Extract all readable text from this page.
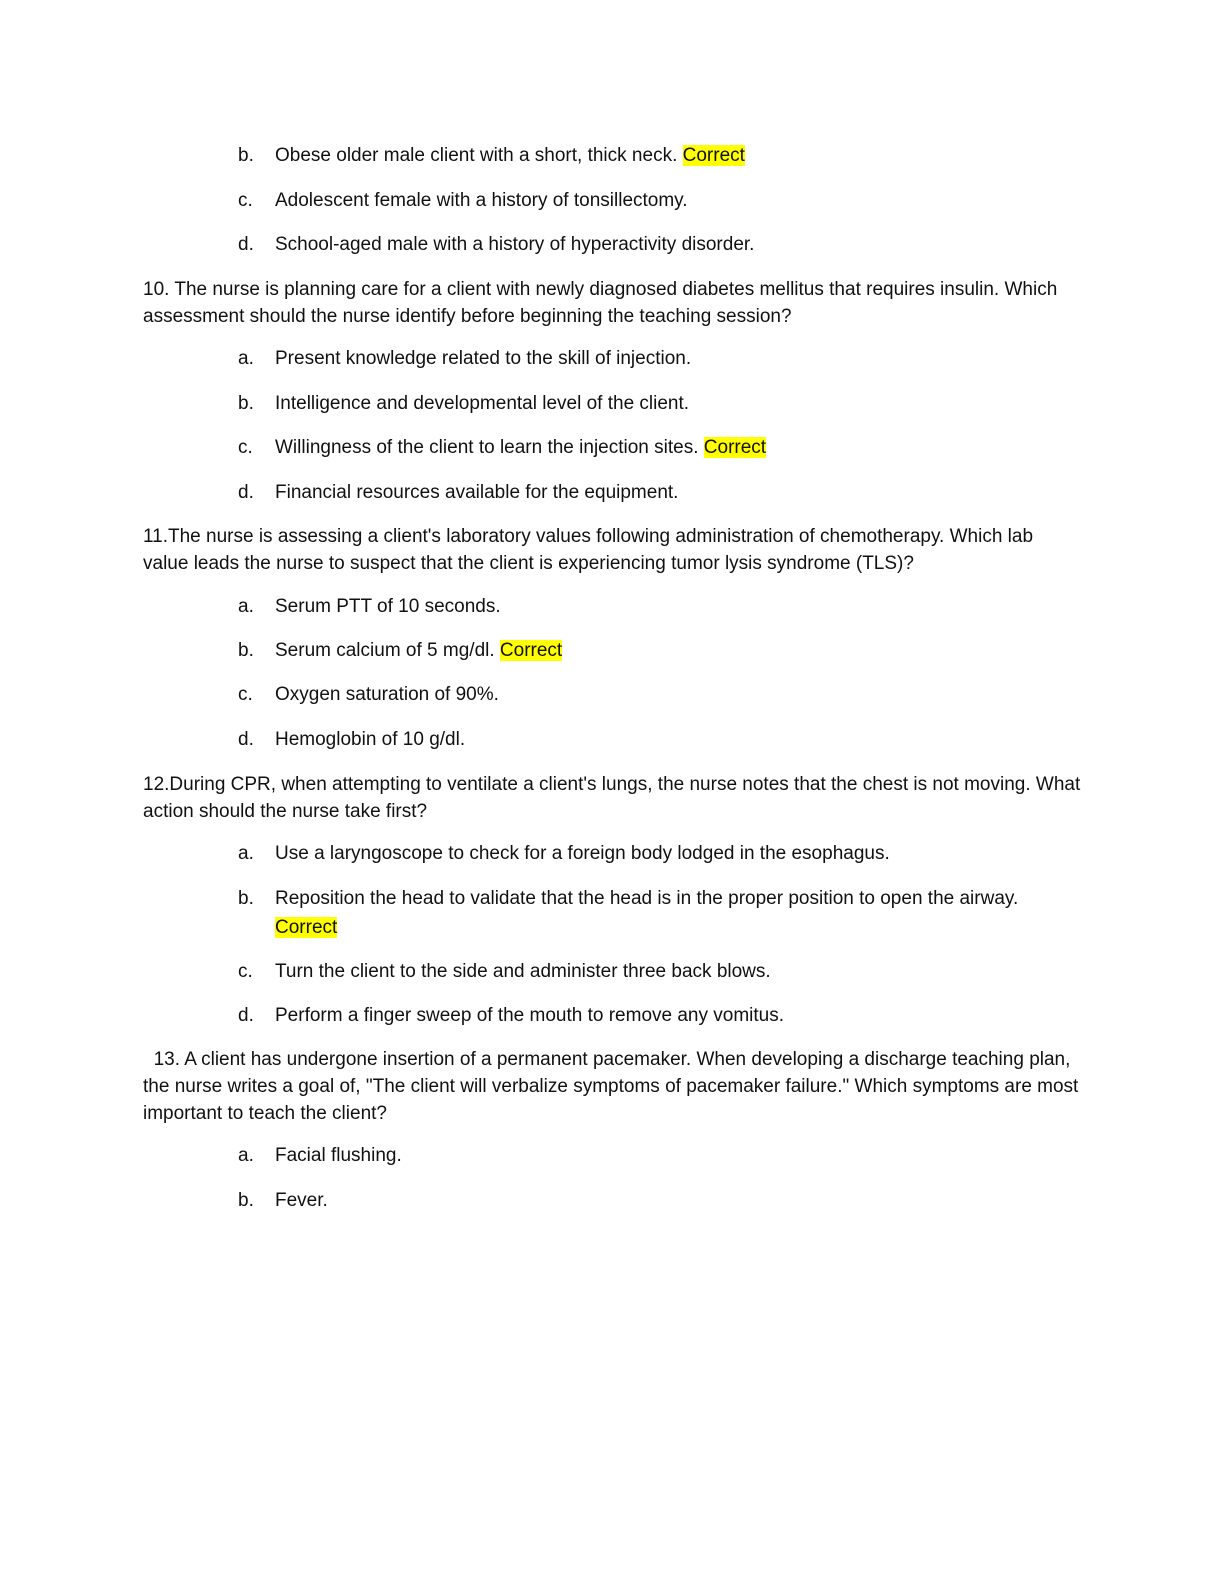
b. Obese older male client with a short, thick neck. Correct
c. Adolescent female with a history of tonsillectomy.
d. School-aged male with a history of hyperactivity disorder.
10. The nurse is planning care for a client with newly diagnosed diabetes mellitus that requires insulin. Which assessment should the nurse identify before beginning the teaching session?
a. Present knowledge related to the skill of injection.
b. Intelligence and developmental level of the client.
c. Willingness of the client to learn the injection sites. Correct
d. Financial resources available for the equipment.
11.The nurse is assessing a client's laboratory values following administration of chemotherapy. Which lab value leads the nurse to suspect that the client is experiencing tumor lysis syndrome (TLS)?
a. Serum PTT of 10 seconds.
b. Serum calcium of 5 mg/dl. Correct
c. Oxygen saturation of 90%.
d. Hemoglobin of 10 g/dl.
12.During CPR, when attempting to ventilate a client's lungs, the nurse notes that the chest is not moving. What action should the nurse take first?
a. Use a laryngoscope to check for a foreign body lodged in the esophagus.
b. Reposition the head to validate that the head is in the proper position to open the airway. Correct
c. Turn the client to the side and administer three back blows.
d. Perform a finger sweep of the mouth to remove any vomitus.
13. A client has undergone insertion of a permanent pacemaker. When developing a discharge teaching plan, the nurse writes a goal of, "The client will verbalize symptoms of pacemaker failure." Which symptoms are most important to teach the client?
a. Facial flushing.
b. Fever.
